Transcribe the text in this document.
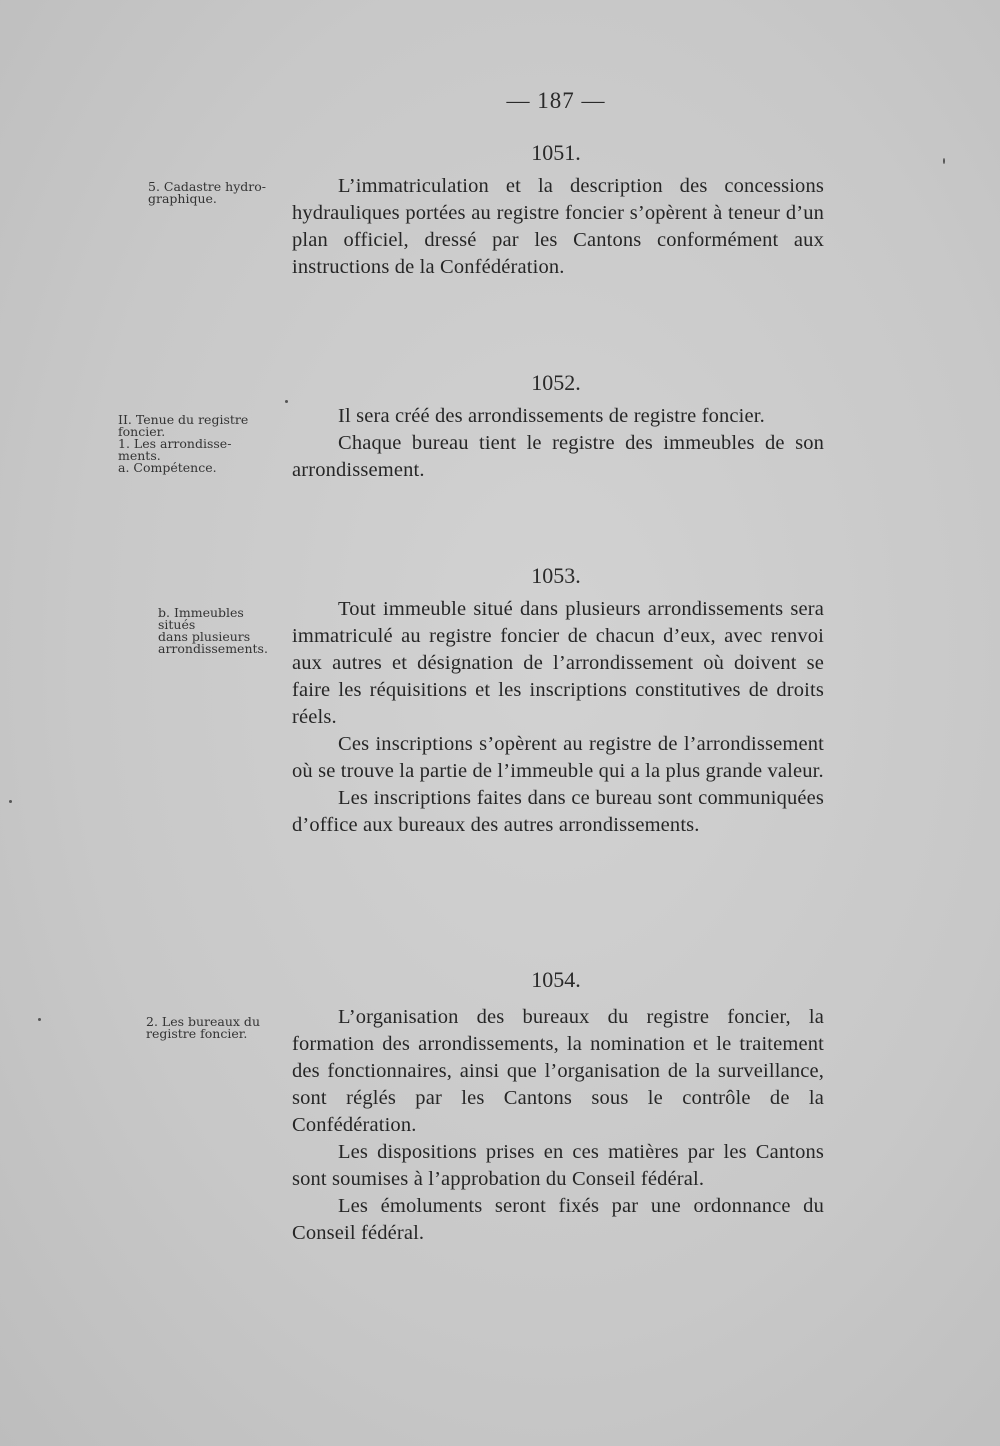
— 187 —
1051.
5. Cadastre hydro-
graphique.

L’immatriculation et la description des concessions hydrauliques portées au registre foncier s’opèrent à teneur d’un plan officiel, dressé par les Cantons conformément aux instructions de la Confédération.

1052.
II. Tenue du registre
foncier.
1. Les arrondisse-
ments.
a. Compétence.

Il sera créé des arrondissements de registre foncier.

Chaque bureau tient le registre des immeubles de son arrondissement.

1053.
b. Immeubles situés
dans plusieurs
arrondissements.

Tout immeuble situé dans plusieurs arrondissements sera immatriculé au registre foncier de chacun d’eux, avec renvoi aux autres et désignation de l’arrondissement où doivent se faire les réquisitions et les inscriptions constitutives de droits réels.

Ces inscriptions s’opèrent au registre de l’arrondissement où se trouve la partie de l’immeuble qui a la plus grande valeur.

Les inscriptions faites dans ce bureau sont communiquées d’office aux bureaux des autres arrondissements.

1054.
2. Les bureaux du
registre foncier.

L’organisation des bureaux du registre foncier, la formation des arrondissements, la nomination et le traitement des fonctionnaires, ainsi que l’organisation de la surveillance, sont réglés par les Cantons sous le contrôle de la Confédération.

Les dispositions prises en ces matières par les Cantons sont soumises à l’approbation du Conseil fédéral.

Les émoluments seront fixés par une ordonnance du Conseil fédéral.
